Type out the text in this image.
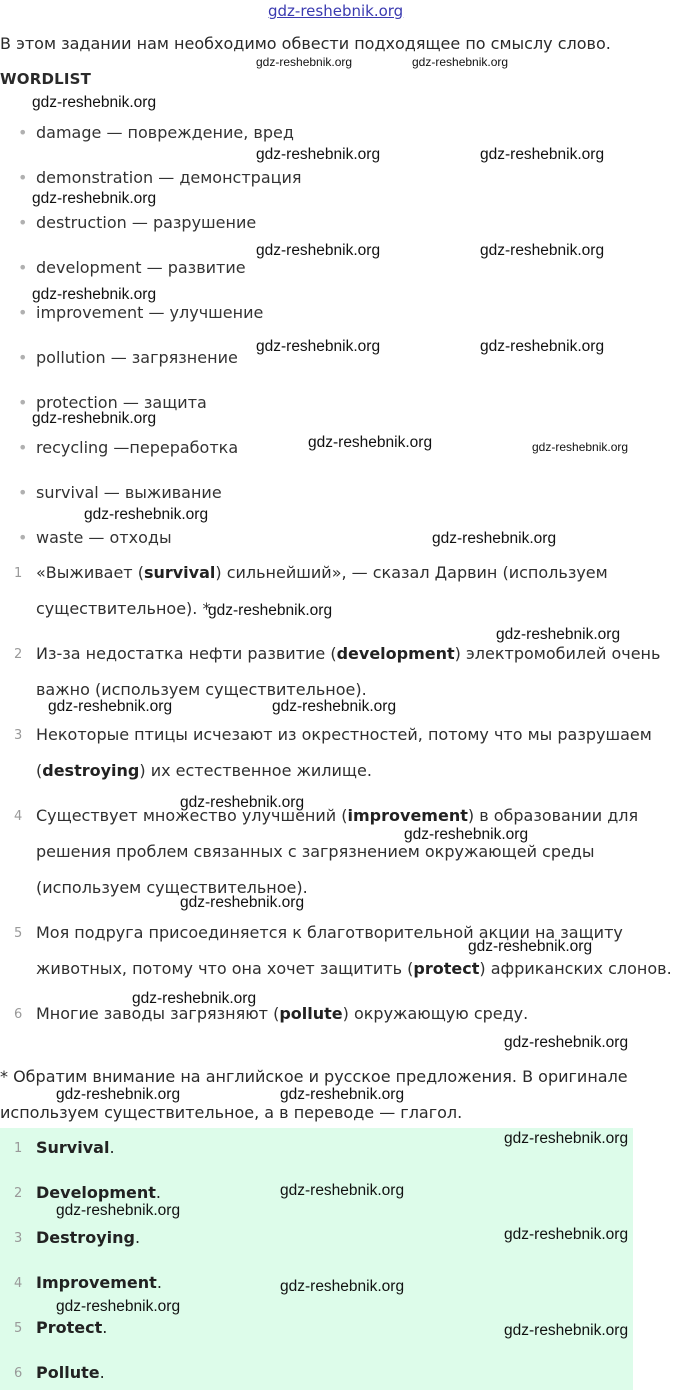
gdz-reshebnik.org
В этом задании нам необходимо обвести подходящее по смыслу слово.
WORDLIST
• damage — повреждение, вред
• demonstration — демонстрация
• destruction — разрушение
• development — развитие
• improvement — улучшение
• pollution — загрязнение
• protection — защита
• recycling —переработка
• survival — выживание
• waste — отходы
1 «Выживает (survival) сильнейший», — сказал Дарвин (используем
существительное). *
2 Из-за недостатка нефти развитие (development) электромобилей очень
важно (используем существительное).
3 Некоторые птицы исчезают из окрестностей, потому что мы разрушаем
(destroying) их естественное жилище.
4 Существует множество улучшений (improvement) в образовании для
решения проблем связанных с загрязнением окружающей среды
(используем существительное).
5 Моя подруга присоединяется к благотворительной акции на защиту
животных, потому что она хочет защитить (protect) африканских слонов.
6 Многие заводы загрязняют (pollute) окружающую среду.
* Обратим внимание на английское и русское предложения. В оригинале
используем существительное, а в переводе — глагол.
1 Survival.
2 Development.
3 Destroying.
4 Improvement.
5 Protect.
6 Pollute.
gdz-reshebnik.org	gdz-reshebnik.org
gdz-reshebnik.org
gdz-reshebnik.org
gdz-reshebnik.org	gdz-reshebnik.org
gdz-reshebnik.org
gdz-reshebnik.org	gdz-reshebnik.org
gdz-reshebnik.org
gdz-reshebnik.org	gdz-reshebnik.org
gdz-reshebnik.org
gdz-reshebnik.org
gdz-reshebnik.org
gdz-reshebnik.org
gdz-reshebnik.org
gdz-reshebnik.org
gdz-reshebnik.org	gdz-reshebnik.org
gdz-reshebnik.org
gdz-reshebnik.org
gdz-reshebnik.org
gdz-reshebnik.org
gdz-reshebnik.org
gdz-reshebnik.org
gdz-reshebnik.org	gdz-reshebnik.org
gdz-reshebnik.org
gdz-reshebnik.org
gdz-reshebnik.org
gdz-reshebnik.org
gdz-reshebnik.org
gdz-reshebnik.org
gdz-reshebnik.org
